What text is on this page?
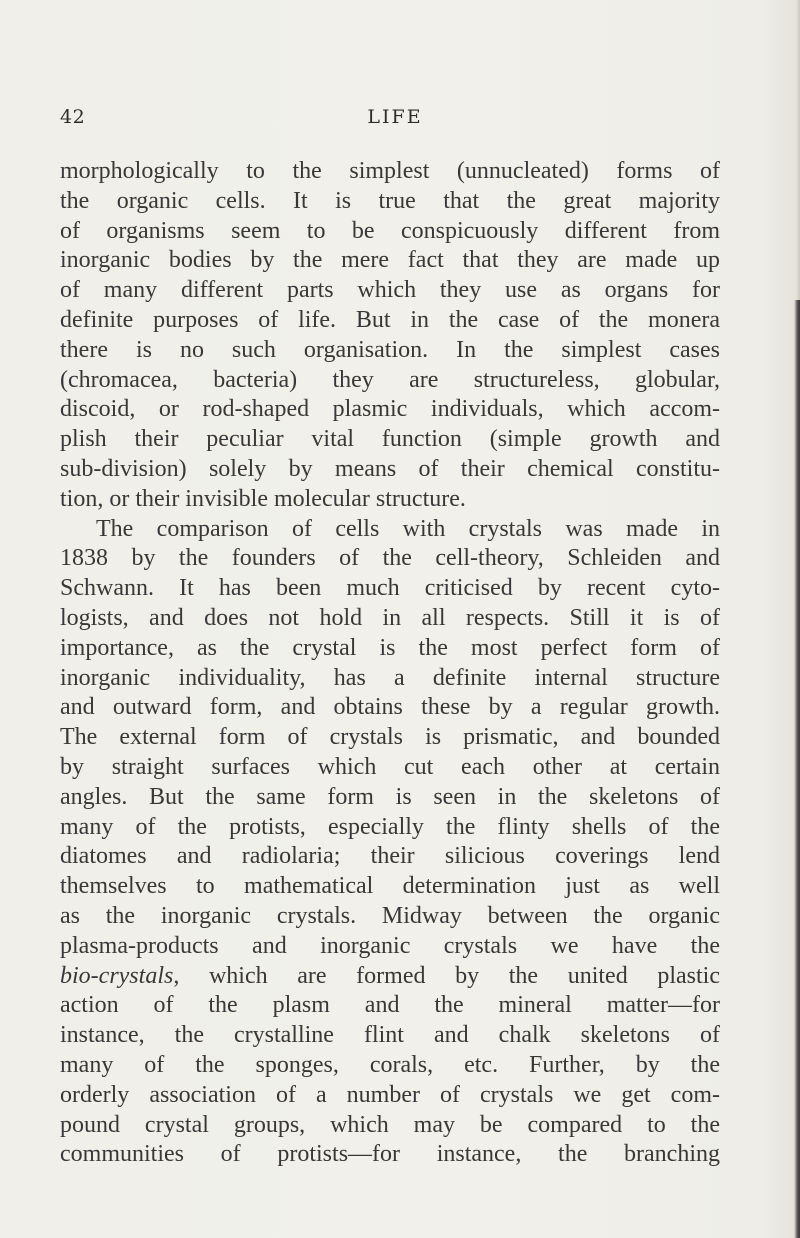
42	LIFE
morphologically to the simplest (unnucleated) forms of
the organic cells. It is true that the great majority
of organisms seem to be conspicuously different from
inorganic bodies by the mere fact that they are made up
of many different parts which they use as organs for
definite purposes of life. But in the case of the monera
there is no such organisation. In the simplest cases
(chromacea, bacteria) they are structureless, globular,
discoid, or rod-shaped plasmic individuals, which accom-
plish their peculiar vital function (simple growth and
sub-division) solely by means of their chemical constitu-
tion, or their invisible molecular structure.
The comparison of cells with crystals was made in
1838 by the founders of the cell-theory, Schleiden and
Schwann. It has been much criticised by recent cyto-
logists, and does not hold in all respects. Still it is of
importance, as the crystal is the most perfect form of
inorganic individuality, has a definite internal structure
and outward form, and obtains these by a regular growth.
The external form of crystals is prismatic, and bounded
by straight surfaces which cut each other at certain
angles. But the same form is seen in the skeletons of
many of the protists, especially the flinty shells of the
diatomes and radiolaria; their silicious coverings lend
themselves to mathematical determination just as well
as the inorganic crystals. Midway between the organic
plasma-products and inorganic crystals we have the
bio-crystals, which are formed by the united plastic
action of the plasm and the mineral matter—for
instance, the crystalline flint and chalk skeletons of
many of the sponges, corals, etc. Further, by the
orderly association of a number of crystals we get com-
pound crystal groups, which may be compared to the
communities of protists—for instance, the branching
